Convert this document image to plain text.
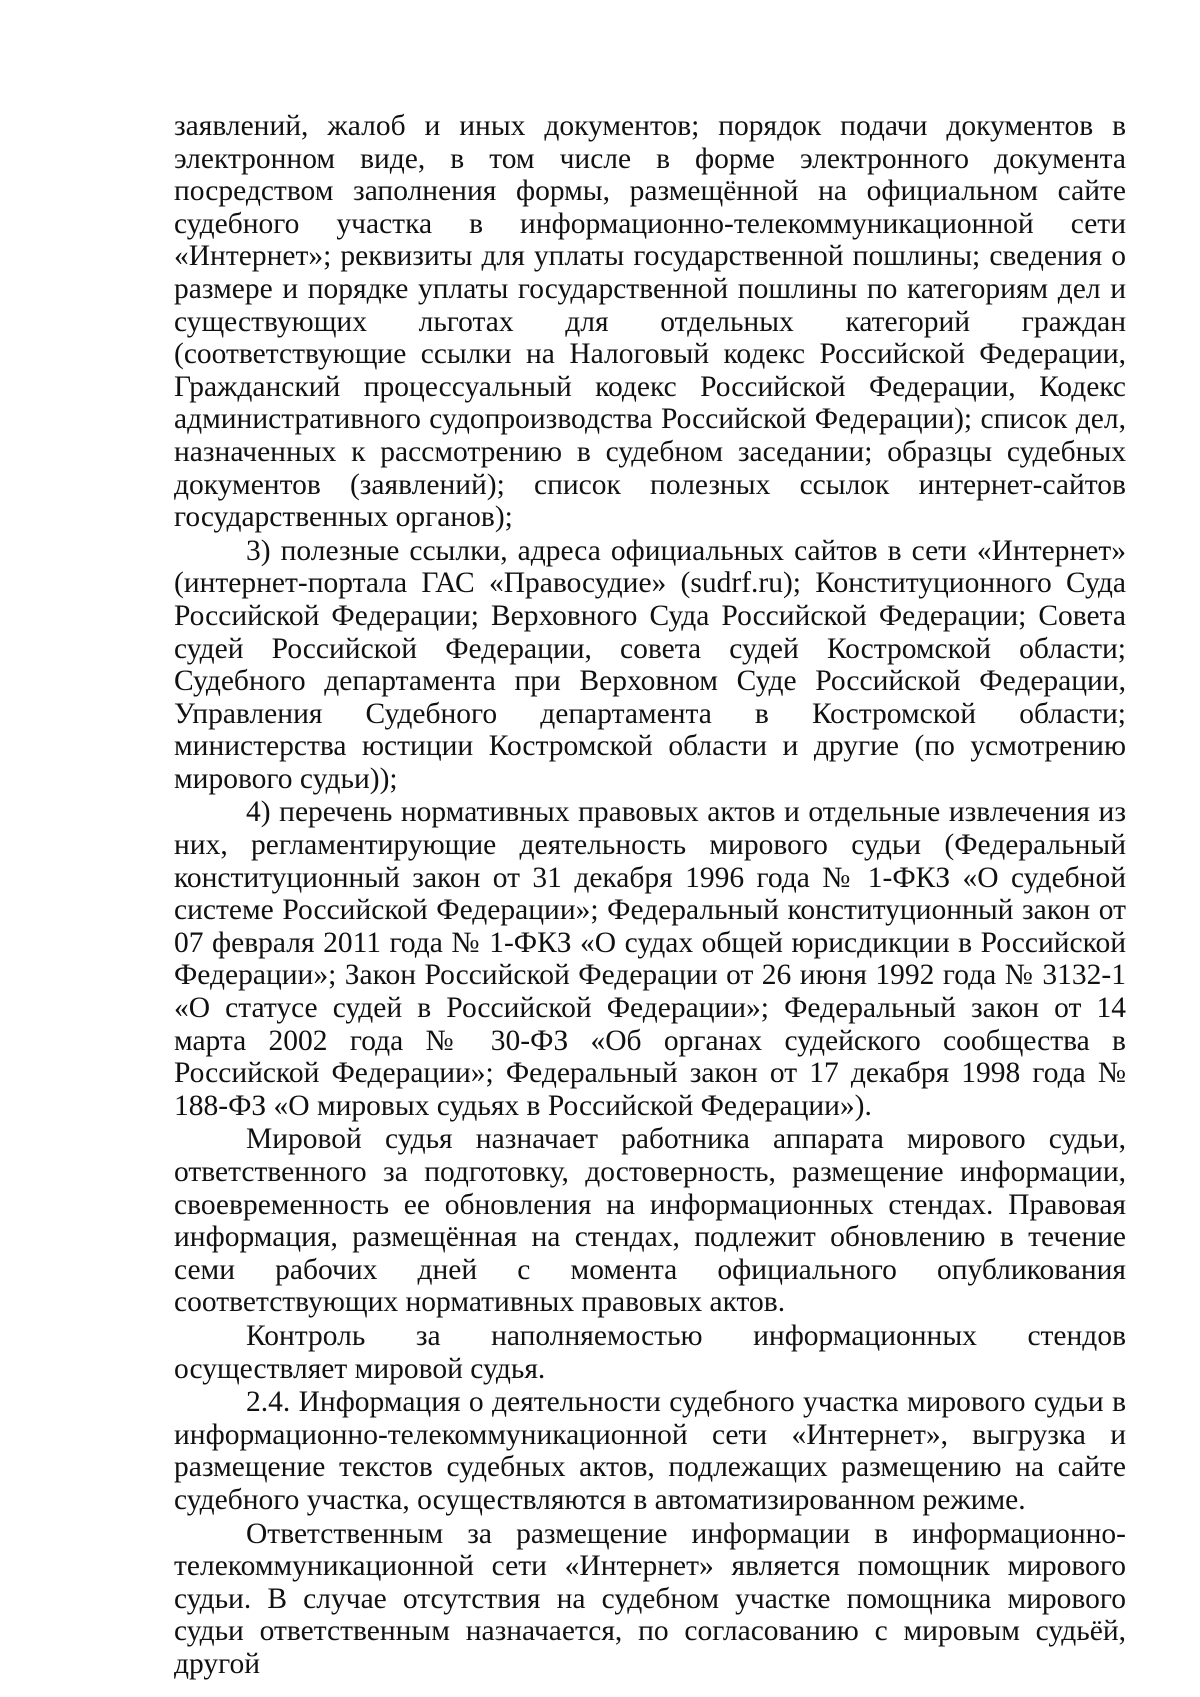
заявлений, жалоб и иных документов; порядок подачи документов в электронном виде, в том числе в форме электронного документа посредством заполнения формы, размещённой на официальном сайте судебного участка в информационно-телекоммуникационной сети «Интернет»; реквизиты для уплаты государственной пошлины; сведения о размере и порядке уплаты государственной пошлины по категориям дел и существующих льготах для отдельных категорий граждан (соответствующие ссылки на Налоговый кодекс Российской Федерации, Гражданский процессуальный кодекс Российской Федерации, Кодекс административного судопроизводства Российской Федерации); список дел, назначенных к рассмотрению в судебном заседании; образцы судебных документов (заявлений); список полезных ссылок интернет-сайтов государственных органов);

3) полезные ссылки, адреса официальных сайтов в сети «Интернет» (интернет-портала ГАС «Правосудие» (sudrf.ru); Конституционного Суда Российской Федерации; Верховного Суда Российской Федерации; Совета судей Российской Федерации, совета судей Костромской области; Судебного департамента при Верховном Суде Российской Федерации, Управления Судебного департамента в Костромской области; министерства юстиции Костромской области и другие (по усмотрению мирового судьи));

4) перечень нормативных правовых актов и отдельные извлечения из них, регламентирующие деятельность мирового судьи (Федеральный конституционный закон от 31 декабря 1996 года № 1-ФКЗ «О судебной системе Российской Федерации»; Федеральный конституционный закон от 07 февраля 2011 года № 1-ФКЗ «О судах общей юрисдикции в Российской Федерации»; Закон Российской Федерации от 26 июня 1992 года № 3132-1 «О статусе судей в Российской Федерации»; Федеральный закон от 14 марта 2002 года № 30-ФЗ «Об органах судейского сообщества в Российской Федерации»; Федеральный закон от 17 декабря 1998 года № 188-ФЗ «О мировых судьях в Российской Федерации»).

Мировой судья назначает работника аппарата мирового судьи, ответственного за подготовку, достоверность, размещение информации, своевременность ее обновления на информационных стендах. Правовая информация, размещённая на стендах, подлежит обновлению в течение семи рабочих дней с момента официального опубликования соответствующих нормативных правовых актов.

Контроль за наполняемостью информационных стендов осуществляет мировой судья.

2.4. Информация о деятельности судебного участка мирового судьи в информационно-телекоммуникационной сети «Интернет», выгрузка и размещение текстов судебных актов, подлежащих размещению на сайте судебного участка, осуществляются в автоматизированном режиме.

Ответственным за размещение информации в информационно-телекоммуникационной сети «Интернет» является помощник мирового судьи. В случае отсутствия на судебном участке помощника мирового судьи ответственным назначается, по согласованию с мировым судьёй, другой
